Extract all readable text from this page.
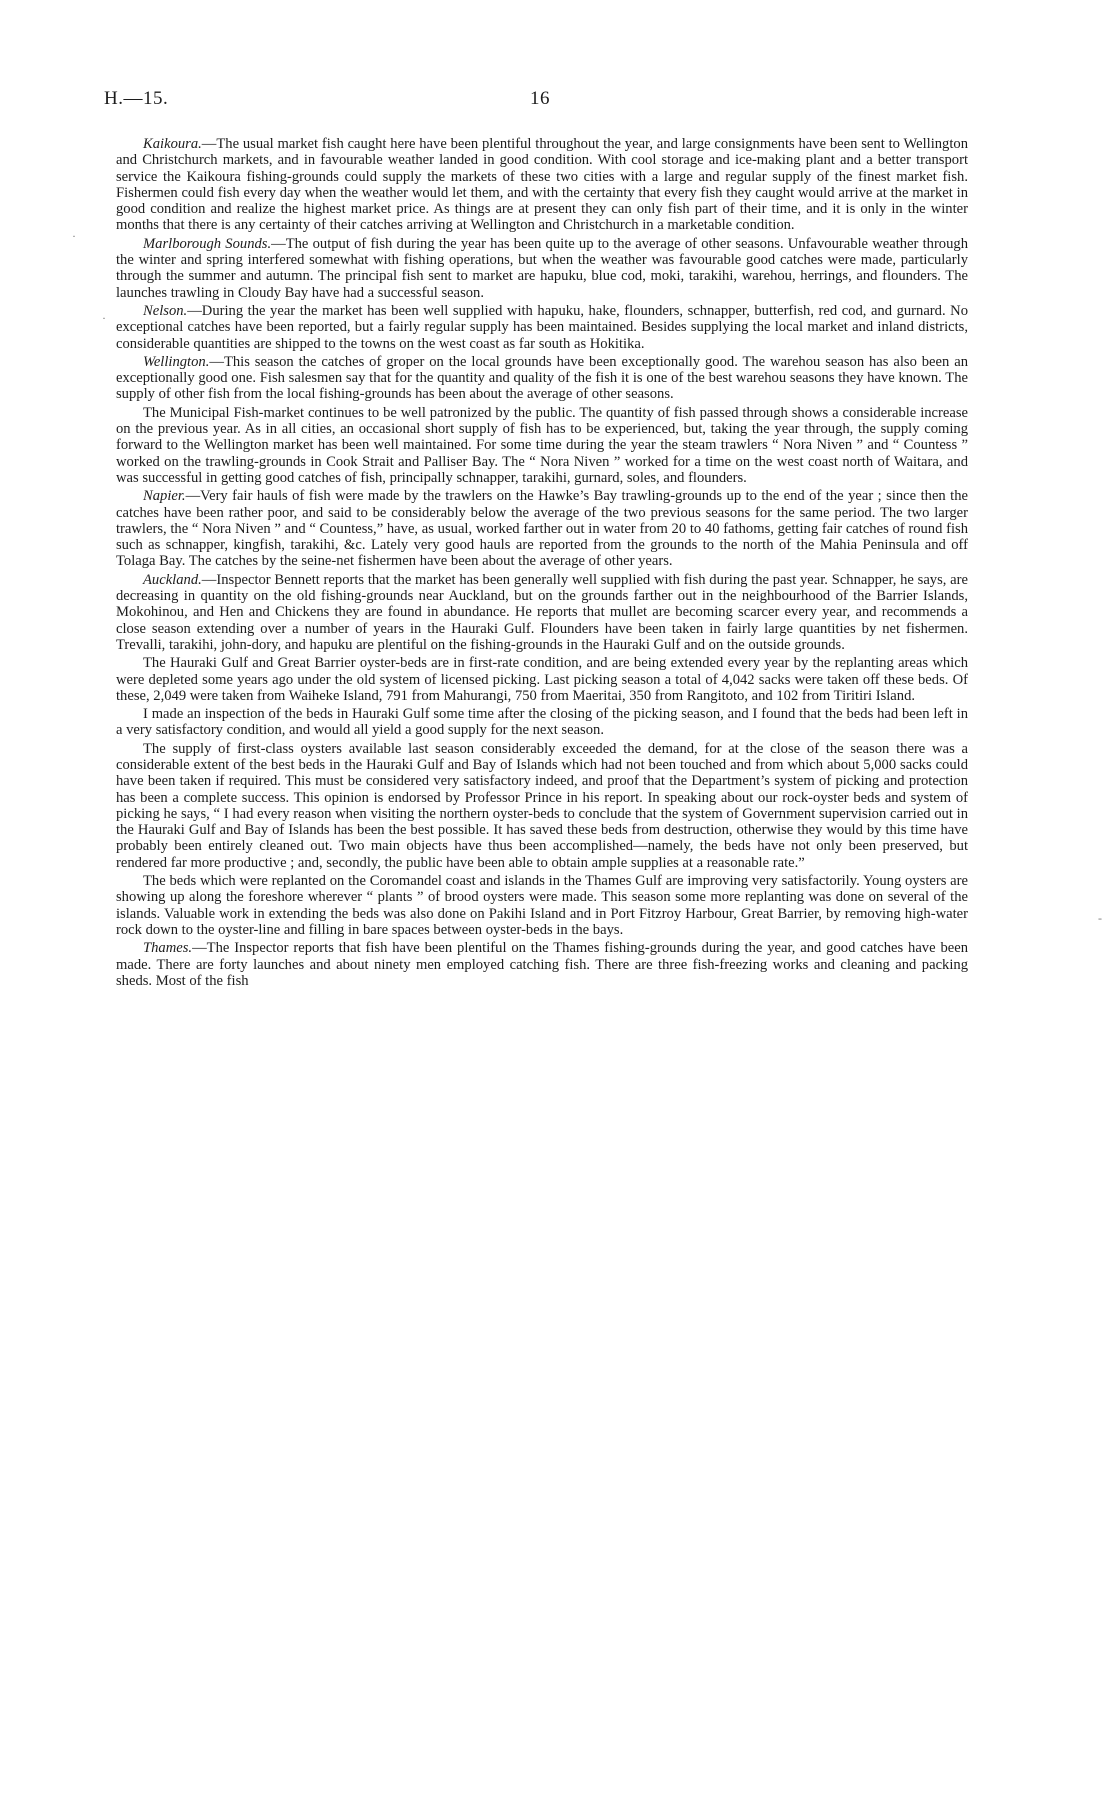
H.—15.	16

Kaikoura.—The usual market fish caught here have been plentiful throughout the year, and large consignments have been sent to Wellington and Christchurch markets, and in favourable weather landed in good condition. With cool storage and ice-making plant and a better transport service the Kaikoura fishing-grounds could supply the markets of these two cities with a large and regular supply of the finest market fish. Fishermen could fish every day when the weather would let them, and with the certainty that every fish they caught would arrive at the market in good condition and realize the highest market price. As things are at present they can only fish part of their time, and it is only in the winter months that there is any certainty of their catches arriving at Wellington and Christchurch in a marketable condition.

Marlborough Sounds.—The output of fish during the year has been quite up to the average of other seasons. Unfavourable weather through the winter and spring interfered somewhat with fishing operations, but when the weather was favourable good catches were made, particularly through the summer and autumn. The principal fish sent to market are hapuku, blue cod, moki, tarakihi, warehou, herrings, and flounders. The launches trawling in Cloudy Bay have had a successful season.

Nelson.—During the year the market has been well supplied with hapuku, hake, flounders, schnapper, butterfish, red cod, and gurnard. No exceptional catches have been reported, but a fairly regular supply has been maintained. Besides supplying the local market and inland districts, considerable quantities are shipped to the towns on the west coast as far south as Hokitika.

Wellington.—This season the catches of groper on the local grounds have been exceptionally good. The warehou season has also been an exceptionally good one. Fish salesmen say that for the quantity and quality of the fish it is one of the best warehou seasons they have known. The supply of other fish from the local fishing-grounds has been about the average of other seasons.

The Municipal Fish-market continues to be well patronized by the public. The quantity of fish passed through shows a considerable increase on the previous year. As in all cities, an occasional short supply of fish has to be experienced, but, taking the year through, the supply coming forward to the Wellington market has been well maintained. For some time during the year the steam trawlers “ Nora Niven ” and “ Countess ” worked on the trawling-grounds in Cook Strait and Palliser Bay. The “ Nora Niven ” worked for a time on the west coast north of Waitara, and was successful in getting good catches of fish, principally schnapper, tarakihi, gurnard, soles, and flounders.

Napier.—Very fair hauls of fish were made by the trawlers on the Hawke’s Bay trawling-grounds up to the end of the year ; since then the catches have been rather poor, and said to be considerably below the average of the two previous seasons for the same period. The two larger trawlers, the “ Nora Niven ” and “ Countess,” have, as usual, worked farther out in water from 20 to 40 fathoms, getting fair catches of round fish such as schnapper, kingfish, tarakihi, &c. Lately very good hauls are reported from the grounds to the north of the Mahia Peninsula and off Tolaga Bay. The catches by the seine-net fishermen have been about the average of other years.

Auckland.—Inspector Bennett reports that the market has been generally well supplied with fish during the past year. Schnapper, he says, are decreasing in quantity on the old fishing-grounds near Auckland, but on the grounds farther out in the neighbourhood of the Barrier Islands, Mokohinou, and Hen and Chickens they are found in abundance. He reports that mullet are becoming scarcer every year, and recommends a close season extending over a number of years in the Hauraki Gulf. Flounders have been taken in fairly large quantities by net fishermen. Trevalli, tarakihi, john-dory, and hapuku are plentiful on the fishing-grounds in the Hauraki Gulf and on the outside grounds.

The Hauraki Gulf and Great Barrier oyster-beds are in first-rate condition, and are being extended every year by the replanting areas which were depleted some years ago under the old system of licensed picking. Last picking season a total of 4,042 sacks were taken off these beds. Of these, 2,049 were taken from Waiheke Island, 791 from Mahurangi, 750 from Maeritai, 350 from Rangitoto, and 102 from Tiritiri Island.

I made an inspection of the beds in Hauraki Gulf some time after the closing of the picking season, and I found that the beds had been left in a very satisfactory condition, and would all yield a good supply for the next season.

The supply of first-class oysters available last season considerably exceeded the demand, for at the close of the season there was a considerable extent of the best beds in the Hauraki Gulf and Bay of Islands which had not been touched and from which about 5,000 sacks could have been taken if required. This must be considered very satisfactory indeed, and proof that the Department’s system of picking and protection has been a complete success. This opinion is endorsed by Professor Prince in his report. In speaking about our rock-oyster beds and system of picking he says, “ I had every reason when visiting the northern oyster-beds to conclude that the system of Government supervision carried out in the Hauraki Gulf and Bay of Islands has been the best possible. It has saved these beds from destruction, otherwise they would by this time have probably been entirely cleaned out. Two main objects have thus been accomplished—namely, the beds have not only been preserved, but rendered far more productive ; and, secondly, the public have been able to obtain ample supplies at a reasonable rate.”

The beds which were replanted on the Coromandel coast and islands in the Thames Gulf are improving very satisfactorily. Young oysters are showing up along the foreshore wherever “ plants ” of brood oysters were made. This season some more replanting was done on several of the islands. Valuable work in extending the beds was also done on Pakihi Island and in Port Fitzroy Harbour, Great Barrier, by removing high-water rock down to the oyster-line and filling in bare spaces between oyster-beds in the bays.

Thames.—The Inspector reports that fish have been plentiful on the Thames fishing-grounds during the year, and good catches have been made. There are forty launches and about ninety men employed catching fish. There are three fish-freezing works and cleaning and packing sheds. Most of the fish

·
·
-
